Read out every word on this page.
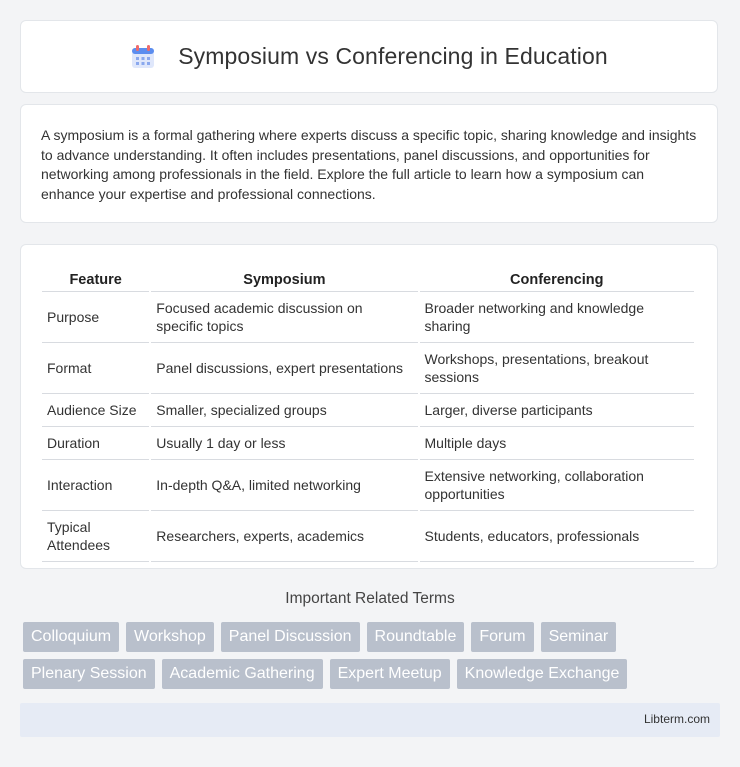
Symposium vs Conferencing in Education

A symposium is a formal gathering where experts discuss a specific topic, sharing knowledge and insights to advance understanding. It often includes presentations, panel discussions, and opportunities for networking among professionals in the field. Explore the full article to learn how a symposium can enhance your expertise and professional connections.

Feature	Symposium	Conferencing
Purpose	Focused academic discussion on specific topics	Broader networking and knowledge sharing
Format	Panel discussions, expert presentations	Workshops, presentations, breakout sessions
Audience Size	Smaller, specialized groups	Larger, diverse participants
Duration	Usually 1 day or less	Multiple days
Interaction	In-depth Q&A, limited networking	Extensive networking, collaboration opportunities
Typical Attendees	Researchers, experts, academics	Students, educators, professionals
Important Related Terms
Colloquium	Workshop	Panel Discussion	Roundtable	Forum	Seminar
Plenary Session	Academic Gathering	Expert Meetup	Knowledge Exchange
Libterm.com
